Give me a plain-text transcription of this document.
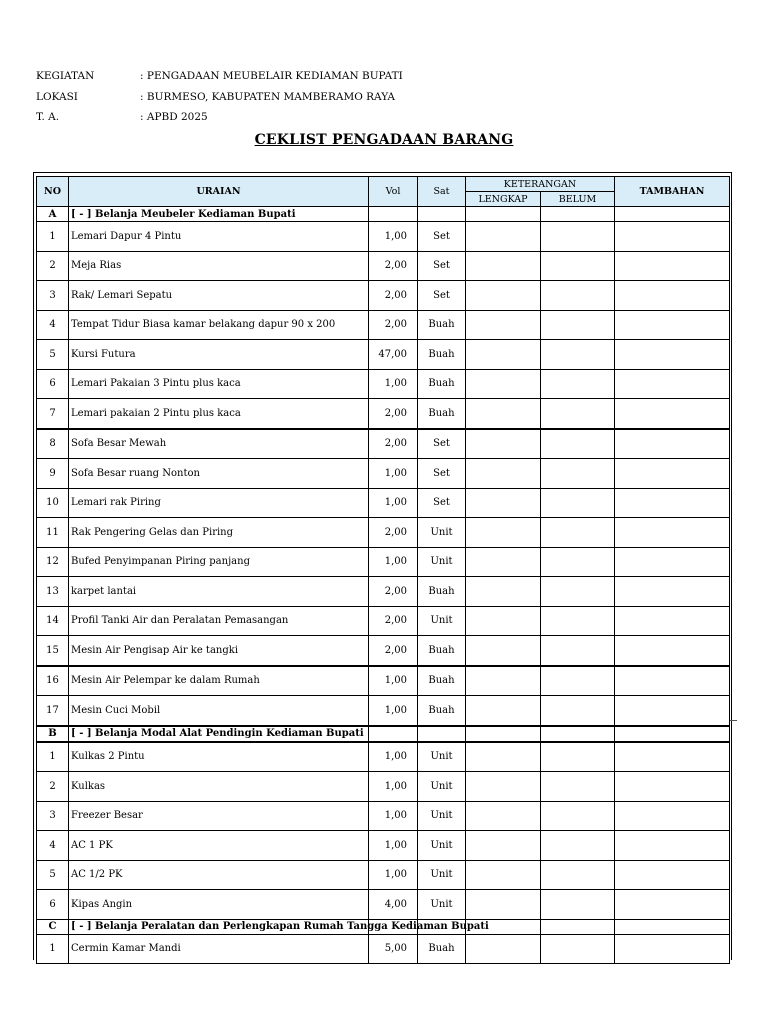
KEGIATAN	: PENGADAAN MEUBELAIR KEDIAMAN BUPATI
LOKASI	: BURMESO, KABUPATEN MAMBERAMO RAYA
T. A.	: APBD 2025
CEKLIST PENGADAAN BARANG
NO	URAIAN	Vol	Sat	KETERANGAN		TAMBAHAN
				LENGKAP	BELUM	
A	[ - ] Belanja Meubeler Kediaman Bupati					
1	Lemari Dapur 4 Pintu	1,00	Set			
2	Meja Rias	2,00	Set			
3	Rak/ Lemari Sepatu	2,00	Set			
4	Tempat Tidur Biasa kamar belakang dapur 90 x 200	2,00	Buah			
5	Kursi Futura	47,00	Buah			
6	Lemari Pakaian 3 Pintu plus kaca	1,00	Buah			
7	Lemari pakaian 2 Pintu plus kaca	2,00	Buah			
8	Sofa Besar Mewah	2,00	Set			
9	Sofa Besar ruang Nonton	1,00	Set			
10	Lemari rak Piring	1,00	Set			
11	Rak Pengering Gelas dan Piring	2,00	Unit			
12	Bufed Penyimpanan Piring panjang	1,00	Unit			
13	karpet lantai	2,00	Buah			
14	Profil Tanki Air dan Peralatan Pemasangan	2,00	Unit			
15	Mesin Air Pengisap Air ke tangki	2,00	Buah			
16	Mesin Air Pelempar ke dalam Rumah	1,00	Buah			
17	Mesin Cuci Mobil	1,00	Buah			
B	[ - ] Belanja Modal Alat Pendingin Kediaman Bupati					
1	Kulkas 2 Pintu	1,00	Unit			
2	Kulkas	1,00	Unit			
3	Freezer Besar	1,00	Unit			
4	AC 1 PK	1,00	Unit			
5	AC 1/2 PK	1,00	Unit			
6	Kipas Angin	4,00	Unit			
C	[ - ] Belanja Peralatan dan Perlengkapan Rumah Tangga Kediaman Bupati					
1	Cermin Kamar Mandi	5,00	Buah			
